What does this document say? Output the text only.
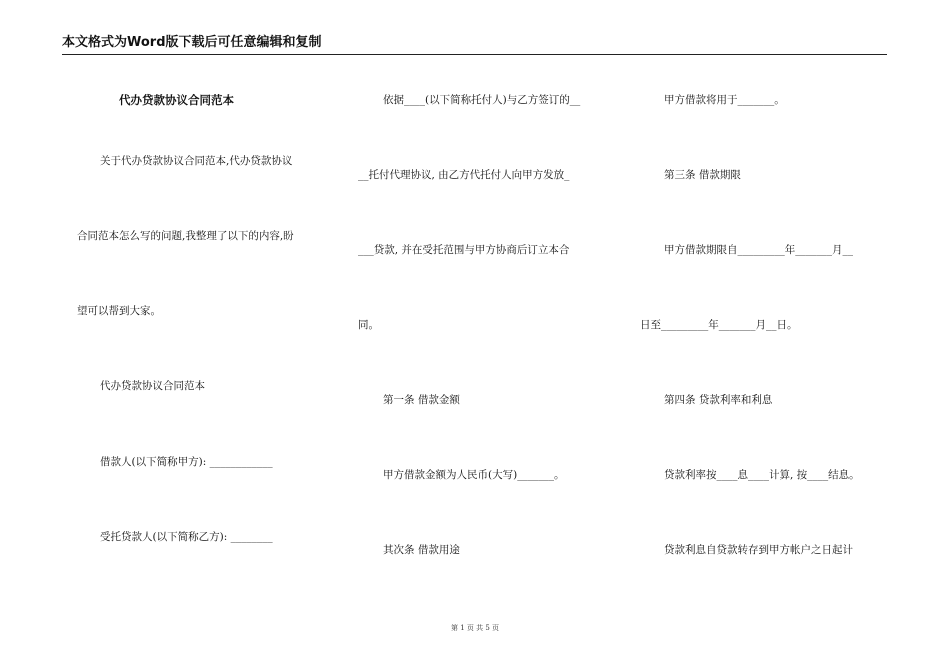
本文格式为Word版下载后可任意编辑和复制
代办贷款协议合同范本
关于代办贷款协议合同范本,代办贷款协议
合同范本怎么写的问题,我整理了以下的内容,盼
望可以帮到大家。
代办贷款协议合同范本
借款人(以下简称甲方): ____________
受托贷款人(以下简称乙方): ________
依据____(以下简称托付人)与乙方签订的__
__托付代理协议, 由乙方代托付人向甲方发放_
___贷款, 并在受托范围与甲方协商后订立本合
同。
第一条 借款金额
甲方借款金额为人民币(大写)_______。
其次条 借款用途
甲方借款将用于_______。
第三条 借款期限
甲方借款期限自_________年_______月__
日至_________年_______月__日。
第四条 贷款利率和利息
贷款利率按____息____计算, 按____结息。
贷款利息自贷款转存到甲方帐户之日起计
第 1 页 共 5 页
